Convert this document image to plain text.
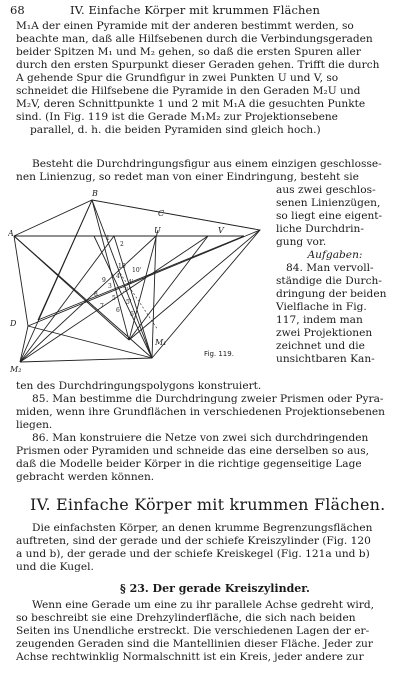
68	IV. Einfache Körper mit krummen Flächen
M₁A der einen Pyramide mit der anderen bestimmt werden, so
beachte man, daß alle Hilfsebenen durch die Verbindungsgeraden
beider Spitzen M₁ und M₂ gehen, so daß die ersten Spuren aller
durch den ersten Spurpunkt dieser Geraden gehen. Trifft die durch
A gehende Spur die Grundfigur in zwei Punkten U und V, so
schneidet die Hilfsebene die Pyramide in den Geraden M₂U und
M₂V, deren Schnittpunkte 1 und 2 mit M₁A die gesuchten Punkte
sind. (In Fig. 119 ist die Gerade M₁M₂ zur Projektionsebene
parallel, d. h. die beiden Pyramiden sind gleich hoch.)
Besteht die Durchdringungsfigur aus einem einzigen geschlosse-
nen Linienzug, so redet man von einer Eindringung, besteht sie
A
B
C
D
U	V
M₁
M₂
1
2
3
3'
4
4'
5
5'
6
6'
7
8
9
10
10'
Fig. 119.
aus zwei geschlos-
senen Linienzügen,
so liegt eine eigent-
liche Durchdrin-
gung vor.
Aufgaben:
84. Man vervoll-
ständige die Durch-
dringung der beiden
Vielflache in Fig.
117, indem man
zwei Projektionen
zeichnet und die
unsichtbaren Kan-
ten des Durchdringungspolygons konstruiert.
85. Man bestimme die Durchdringung zweier Prismen oder Pyra-
miden, wenn ihre Grundflächen in verschiedenen Projektionsebenen
liegen.
86. Man konstruiere die Netze von zwei sich durchdringenden
Prismen oder Pyramiden und schneide das eine derselben so aus,
daß die Modelle beider Körper in die richtige gegenseitige Lage
gebracht werden können.
IV. Einfache Körper mit krummen Flächen.
Die einfachsten Körper, an denen krumme Begrenzungsflächen
auftreten, sind der gerade und der schiefe Kreiszylinder (Fig. 120
a und b), der gerade und der schiefe Kreiskegel (Fig. 121a und b)
und die Kugel.
§ 23. Der gerade Kreiszylinder.
Wenn eine Gerade um eine zu ihr parallele Achse gedreht wird,
so beschreibt sie eine Drehzylinderfläche, die sich nach beiden
Seiten ins Unendliche erstreckt. Die verschiedenen Lagen der er-
zeugenden Geraden sind die Mantellinien dieser Fläche. Jeder zur
Achse rechtwinklig Normalschnitt ist ein Kreis, jeder andere zur
